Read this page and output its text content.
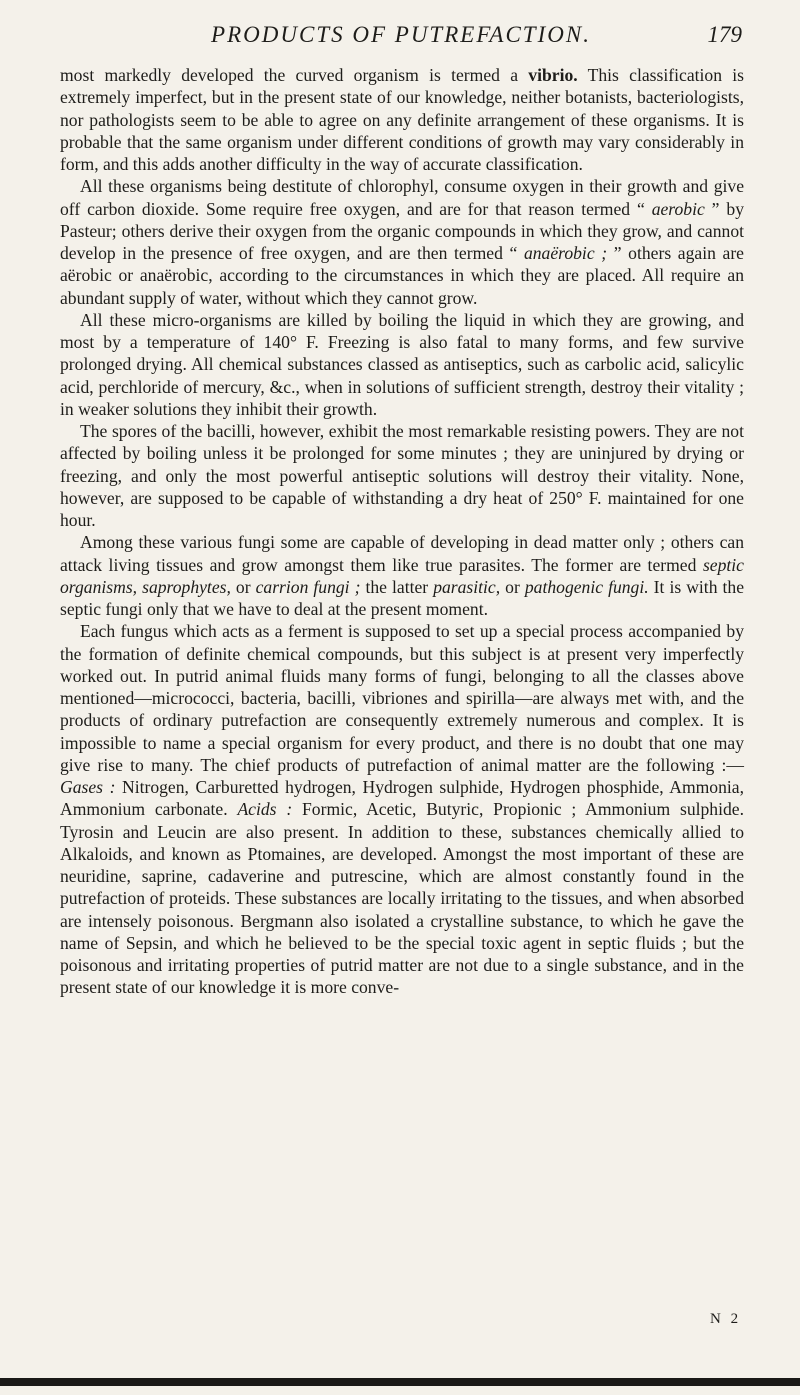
PRODUCTS OF PUTREFACTION.	179

most markedly developed the curved organism is termed a vibrio. This classification is extremely imperfect, but in the present state of our knowledge, neither botanists, bacteriologists, nor pathologists seem to be able to agree on any definite arrangement of these organisms. It is probable that the same organism under different conditions of growth may vary considerably in form, and this adds another difficulty in the way of accurate classification.

All these organisms being destitute of chlorophyl, consume oxygen in their growth and give off carbon dioxide. Some require free oxygen, and are for that reason termed “ aerobic ” by Pasteur; others derive their oxygen from the organic compounds in which they grow, and cannot develop in the presence of free oxygen, and are then termed “ anaërobic ; ” others again are aërobic or anaërobic, according to the circumstances in which they are placed. All require an abundant supply of water, without which they cannot grow.

All these micro-organisms are killed by boiling the liquid in which they are growing, and most by a temperature of 140° F. Freezing is also fatal to many forms, and few survive prolonged drying. All chemical substances classed as antiseptics, such as carbolic acid, salicylic acid, perchloride of mercury, &c., when in solutions of sufficient strength, destroy their vitality ; in weaker solutions they inhibit their growth.

The spores of the bacilli, however, exhibit the most remarkable resisting powers. They are not affected by boiling unless it be prolonged for some minutes ; they are uninjured by drying or freezing, and only the most powerful antiseptic solutions will destroy their vitality. None, however, are supposed to be capable of withstanding a dry heat of 250° F. maintained for one hour.

Among these various fungi some are capable of developing in dead matter only ; others can attack living tissues and grow amongst them like true parasites. The former are termed septic organisms, saprophytes, or carrion fungi ; the latter parasitic, or pathogenic fungi. It is with the septic fungi only that we have to deal at the present moment.

Each fungus which acts as a ferment is supposed to set up a special process accompanied by the formation of definite chemical compounds, but this subject is at present very imperfectly worked out. In putrid animal fluids many forms of fungi, belonging to all the classes above mentioned—micrococci, bacteria, bacilli, vibriones and spirilla—are always met with, and the products of ordinary putrefaction are consequently extremely numerous and complex. It is impossible to name a special organism for every product, and there is no doubt that one may give rise to many. The chief products of putrefaction of animal matter are the following :—Gases : Nitrogen, Carburetted hydrogen, Hydrogen sulphide, Hydrogen phosphide, Ammonia, Ammonium carbonate. Acids : Formic, Acetic, Butyric, Propionic ; Ammonium sulphide. Tyrosin and Leucin are also present. In addition to these, substances chemically allied to Alkaloids, and known as Ptomaines, are developed. Amongst the most important of these are neuridine, saprine, cadaverine and putrescine, which are almost constantly found in the putrefaction of proteids. These substances are locally irritating to the tissues, and when absorbed are intensely poisonous. Bergmann also isolated a crystalline substance, to which he gave the name of Sepsin, and which he believed to be the special toxic agent in septic fluids ; but the poisonous and irritating properties of putrid matter are not due to a single substance, and in the present state of our knowledge it is more conve-

N 2
